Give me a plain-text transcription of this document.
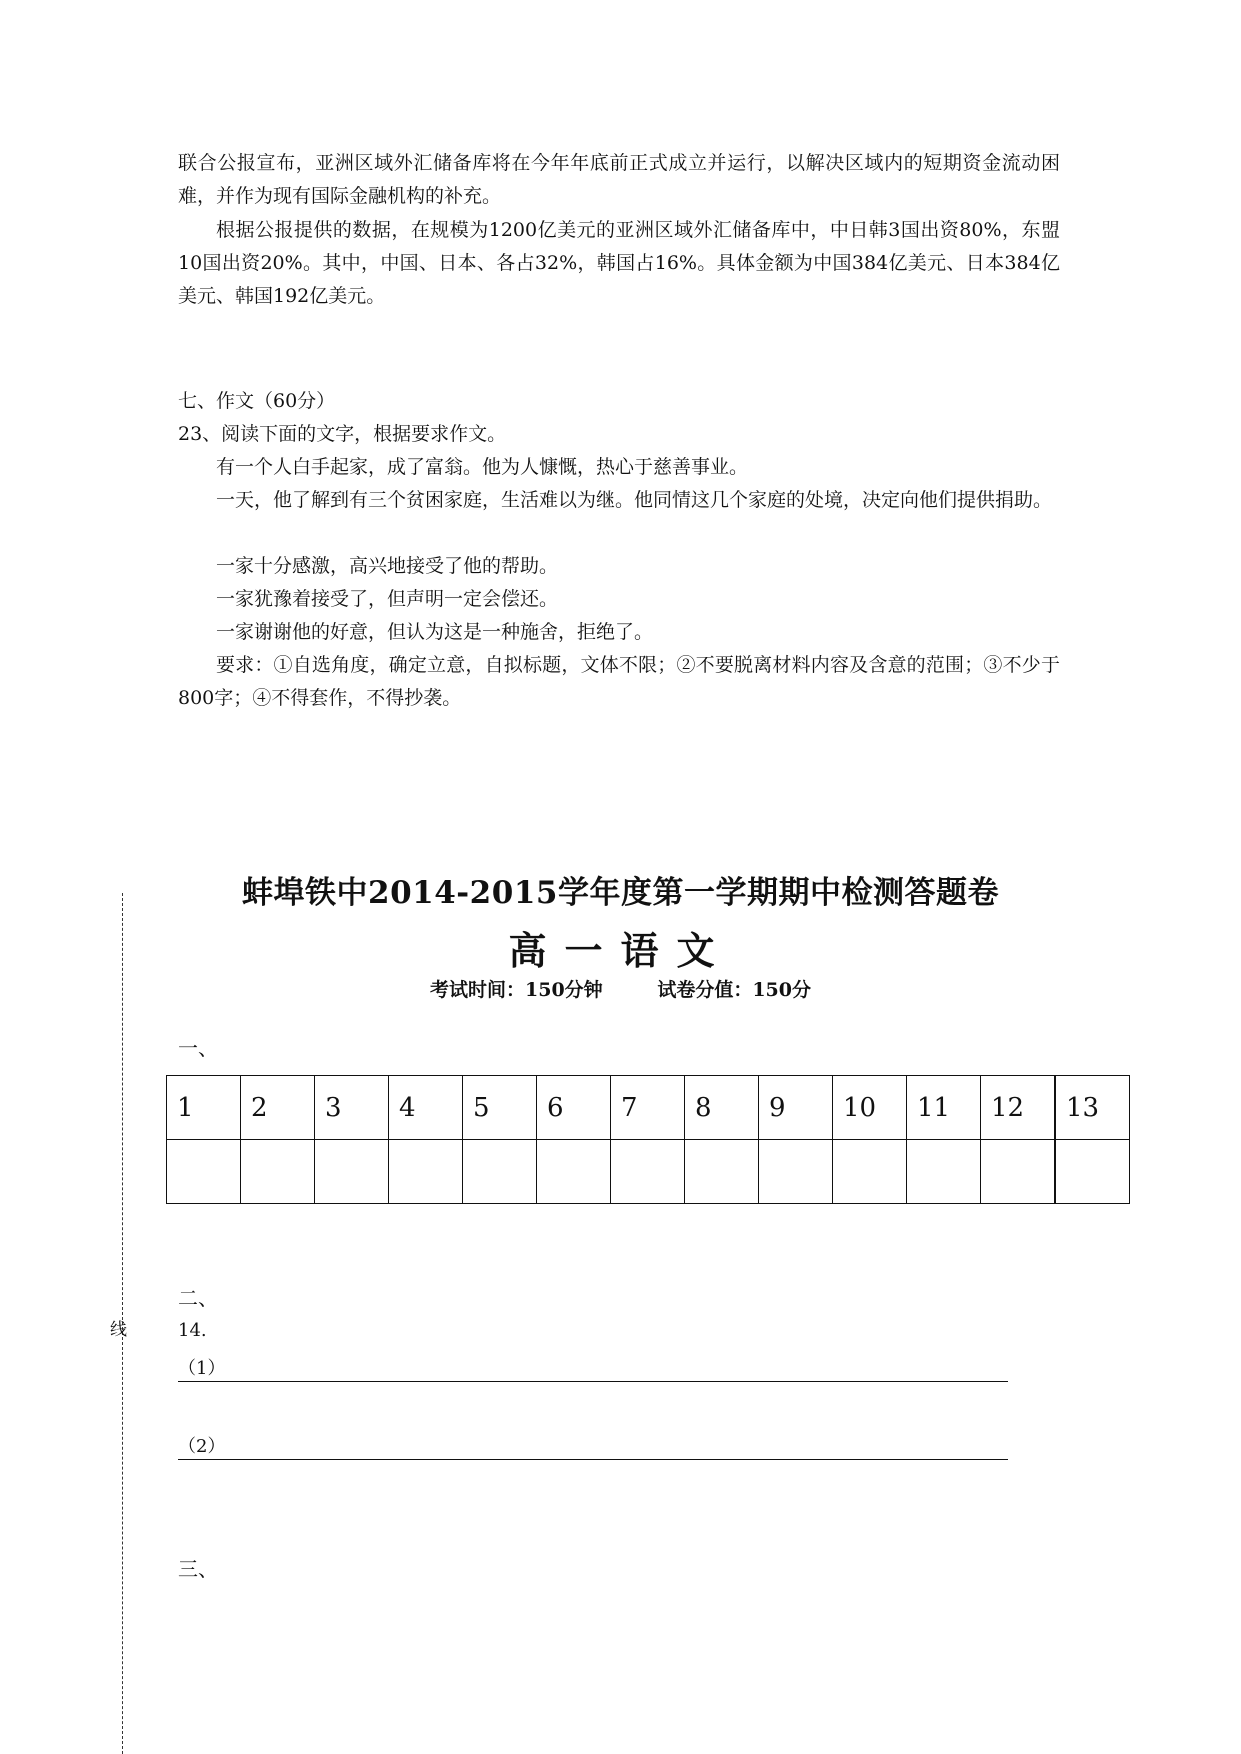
联合公报宣布，亚洲区域外汇储备库将在今年年底前正式成立并运行，以解决区域内的短期资金流动困难，并作为现有国际金融机构的补充。

根据公报提供的数据，在规模为1200亿美元的亚洲区域外汇储备库中，中日韩3国出资80%，东盟10国出资20%。其中，中国、日本、各占32%，韩国占16%。具体金额为中国384亿美元、日本384亿美元、韩国192亿美元。

七、作文（60分）
23、阅读下面的文字，根据要求作文。

有一个人白手起家，成了富翁。他为人慷慨，热心于慈善事业。

一天，他了解到有三个贫困家庭，生活难以为继。他同情这几个家庭的处境，决定向他们提供捐助。

一家十分感激，高兴地接受了他的帮助。

一家犹豫着接受了，但声明一定会偿还。

一家谢谢他的好意，但认为这是一种施舍，拒绝了。

要求：①自选角度，确定立意，自拟标题，文体不限；②不要脱离材料内容及含意的范围；③不少于800字；④不得套作，不得抄袭。

线
蚌埠铁中2014-2015学年度第一学期期中检测答题卷
高一语文
考试时间：150分钟	试卷分值：150分
一、
1	2	3	4	5	6	7	8	9	10	11	12	13

二、
14.
（1）
（2）
三、
